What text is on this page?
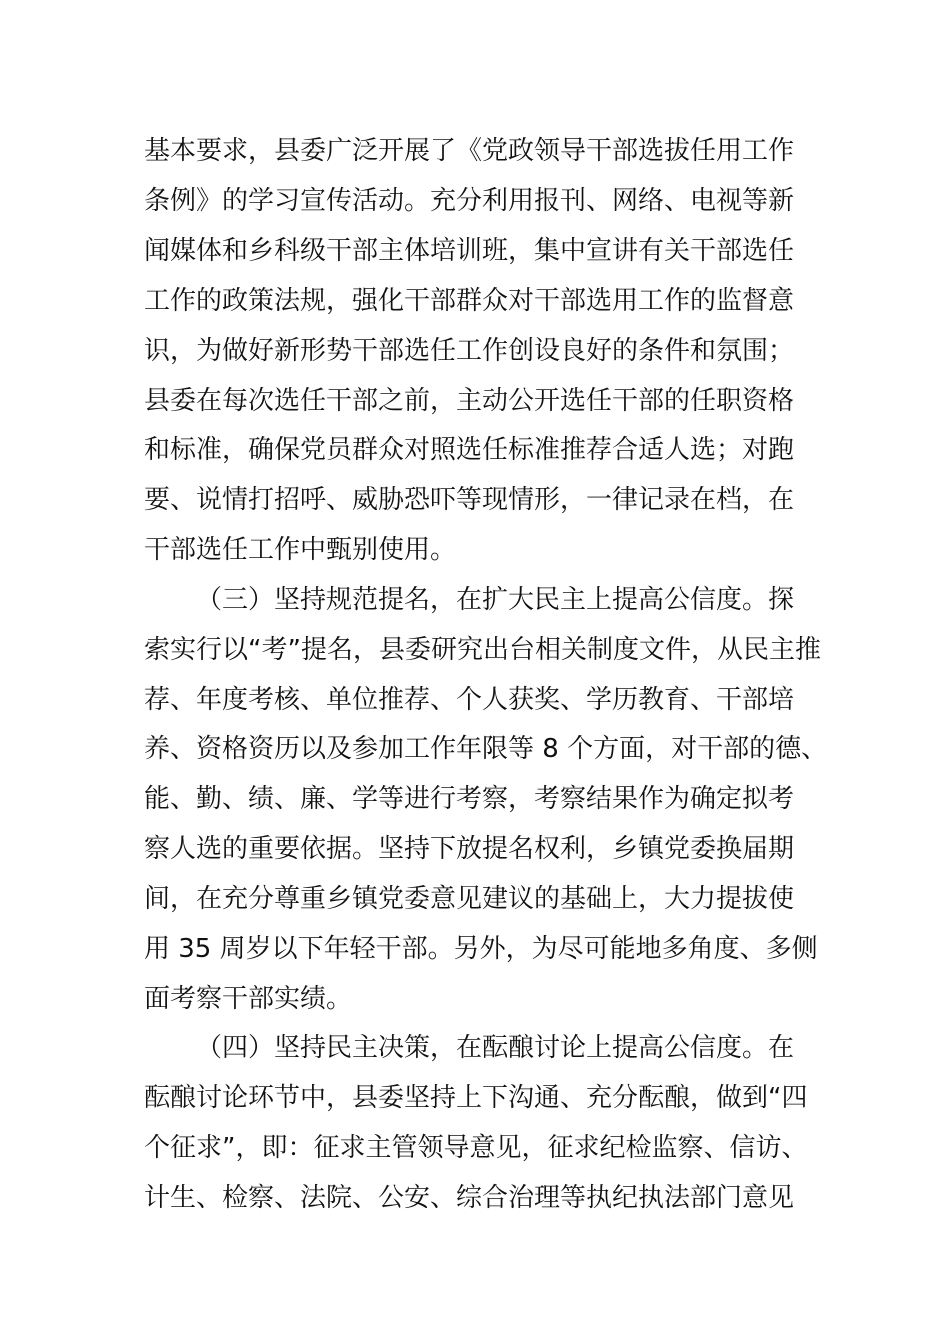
基本要求，县委广泛开展了《党政领导干部选拔任用工作
条例》的学习宣传活动。充分利用报刊、网络、电视等新
闻媒体和乡科级干部主体培训班，集中宣讲有关干部选任
工作的政策法规，强化干部群众对干部选用工作的监督意
识，为做好新形势干部选任工作创设良好的条件和氛围；
县委在每次选任干部之前，主动公开选任干部的任职资格
和标准，确保党员群众对照选任标准推荐合适人选；对跑
要、说情打招呼、威胁恐吓等现情形，一律记录在档，在
干部选任工作中甄别使用。
（三）坚持规范提名，在扩大民主上提高公信度。探
索实行以“考”提名，县委研究出台相关制度文件，从民主推
荐、年度考核、单位推荐、个人获奖、学历教育、干部培
养、资格资历以及参加工作年限等 8 个方面，对干部的德、
能、勤、绩、廉、学等进行考察，考察结果作为确定拟考
察人选的重要依据。坚持下放提名权利，乡镇党委换届期
间，在充分尊重乡镇党委意见建议的基础上，大力提拔使
用 35 周岁以下年轻干部。另外，为尽可能地多角度、多侧
面考察干部实绩。
（四）坚持民主决策，在酝酿讨论上提高公信度。在
酝酿讨论环节中，县委坚持上下沟通、充分酝酿，做到“四
个征求”，即：征求主管领导意见，征求纪检监察、信访、
计生、检察、法院、公安、综合治理等执纪执法部门意见
